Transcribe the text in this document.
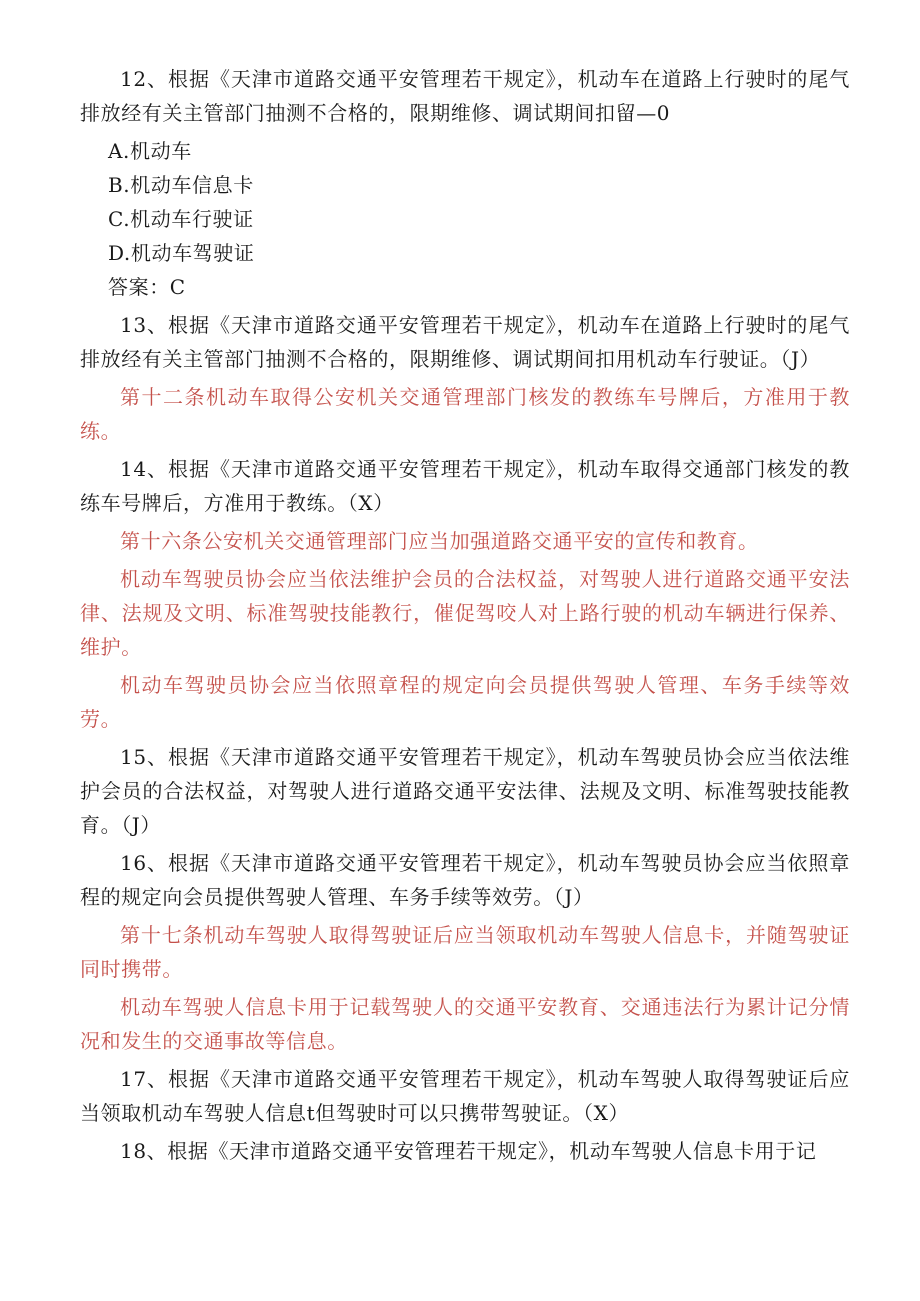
12、根据《天津市道路交通平安管理若干规定》，机动车在道路上行驶时的尾气排放经有关主管部门抽测不合格的，限期维修、调试期间扣留—0

A.机动车

B.机动车信息卡

C.机动车行驶证

D.机动车驾驶证

答案：C

13、根据《天津市道路交通平安管理若干规定》，机动车在道路上行驶时的尾气排放经有关主管部门抽测不合格的，限期维修、调试期间扣用机动车行驶证。（J）

第十二条机动车取得公安机关交通管理部门核发的教练车号牌后，方准用于教练。

14、根据《天津市道路交通平安管理若干规定》，机动车取得交通部门核发的教练车号牌后，方准用于教练。（X）

第十六条公安机关交通管理部门应当加强道路交通平安的宣传和教育。

机动车驾驶员协会应当依法维护会员的合法权益，对驾驶人进行道路交通平安法律、法规及文明、标准驾驶技能教行，催促驾咬人对上路行驶的机动车辆进行保养、维护。

机动车驾驶员协会应当依照章程的规定向会员提供驾驶人管理、车务手续等效劳。

15、根据《天津市道路交通平安管理若干规定》，机动车驾驶员协会应当依法维护会员的合法权益，对驾驶人进行道路交通平安法律、法规及文明、标准驾驶技能教育。（J）

16、根据《天津市道路交通平安管理若干规定》，机动车驾驶员协会应当依照章程的规定向会员提供驾驶人管理、车务手续等效劳。（J）

第十七条机动车驾驶人取得驾驶证后应当领取机动车驾驶人信息卡，并随驾驶证同时携带。

机动车驾驶人信息卡用于记载驾驶人的交通平安教育、交通违法行为累计记分情况和发生的交通事故等信息。

17、根据《天津市道路交通平安管理若干规定》，机动车驾驶人取得驾驶证后应当领取机动车驾驶人信息t但驾驶时可以只携带驾驶证。（X）

18、根据《天津市道路交通平安管理若干规定》，机动车驾驶人信息卡用于记
